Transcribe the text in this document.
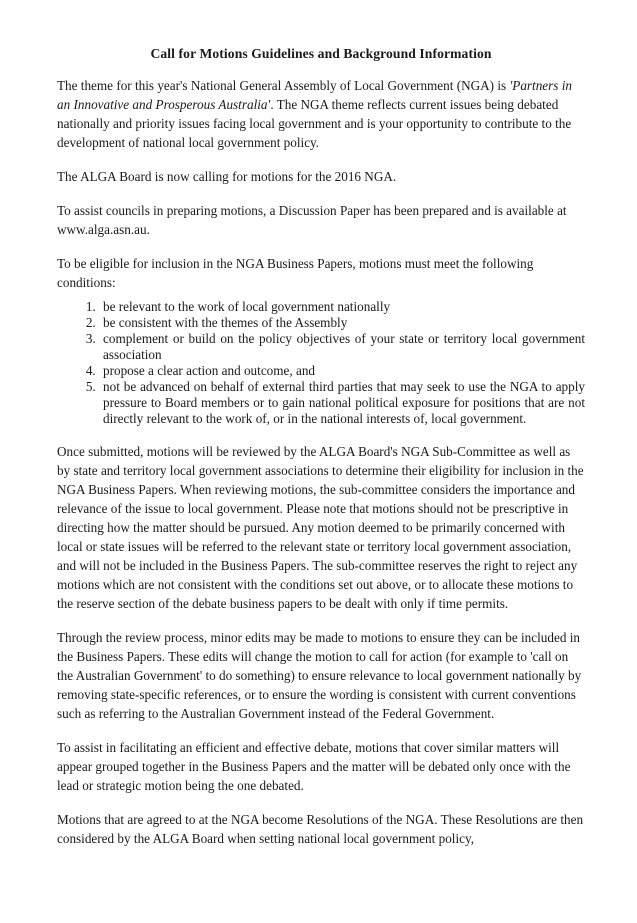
Call for Motions Guidelines and Background Information

The theme for this year's National General Assembly of Local Government (NGA) is 'Partners in an Innovative and Prosperous Australia'. The NGA theme reflects current issues being debated nationally and priority issues facing local government and is your opportunity to contribute to the development of national local government policy.

The ALGA Board is now calling for motions for the 2016 NGA.

To assist councils in preparing motions, a Discussion Paper has been prepared and is available at www.alga.asn.au.

To be eligible for inclusion in the NGA Business Papers, motions must meet the following conditions:

1. be relevant to the work of local government nationally
2. be consistent with the themes of the Assembly
3. complement or build on the policy objectives of your state or territory local government association
4. propose a clear action and outcome, and
5. not be advanced on behalf of external third parties that may seek to use the NGA to apply pressure to Board members or to gain national political exposure for positions that are not directly relevant to the work of, or in the national interests of, local government.

Once submitted, motions will be reviewed by the ALGA Board's NGA Sub-Committee as well as by state and territory local government associations to determine their eligibility for inclusion in the NGA Business Papers. When reviewing motions, the sub-committee considers the importance and relevance of the issue to local government. Please note that motions should not be prescriptive in directing how the matter should be pursued. Any motion deemed to be primarily concerned with local or state issues will be referred to the relevant state or territory local government association, and will not be included in the Business Papers. The sub-committee reserves the right to reject any motions which are not consistent with the conditions set out above, or to allocate these motions to the reserve section of the debate business papers to be dealt with only if time permits.

Through the review process, minor edits may be made to motions to ensure they can be included in the Business Papers. These edits will change the motion to call for action (for example to 'call on the Australian Government' to do something) to ensure relevance to local government nationally by removing state-specific references, or to ensure the wording is consistent with current conventions such as referring to the Australian Government instead of the Federal Government.

To assist in facilitating an efficient and effective debate, motions that cover similar matters will appear grouped together in the Business Papers and the matter will be debated only once with the lead or strategic motion being the one debated.

Motions that are agreed to at the NGA become Resolutions of the NGA. These Resolutions are then considered by the ALGA Board when setting national local government policy,
